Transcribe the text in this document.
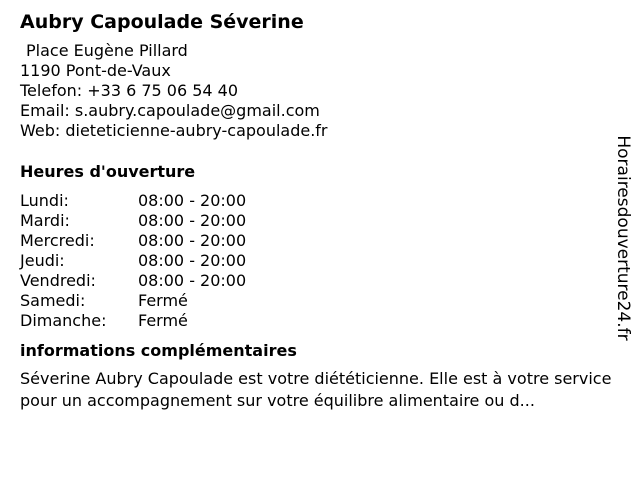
Aubry Capoulade Séverine
Place Eugène Pillard
1190 Pont-de-Vaux
Telefon: +33 6 75 06 54 40
Email: s.aubry.capoulade@gmail.com
Web: dieteticienne-aubry-capoulade.fr
Heures d'ouverture
Lundi:	08:00 - 20:00
Mardi:	08:00 - 20:00
Mercredi:	08:00 - 20:00
Jeudi:	08:00 - 20:00
Vendredi:	08:00 - 20:00
Samedi:	Fermé
Dimanche:	Fermé
informations complémentaires
Séverine Aubry Capoulade est votre diététicienne. Elle est à votre service pour un accompagnement sur votre équilibre alimentaire ou d...
Horairesdouverture24.fr
